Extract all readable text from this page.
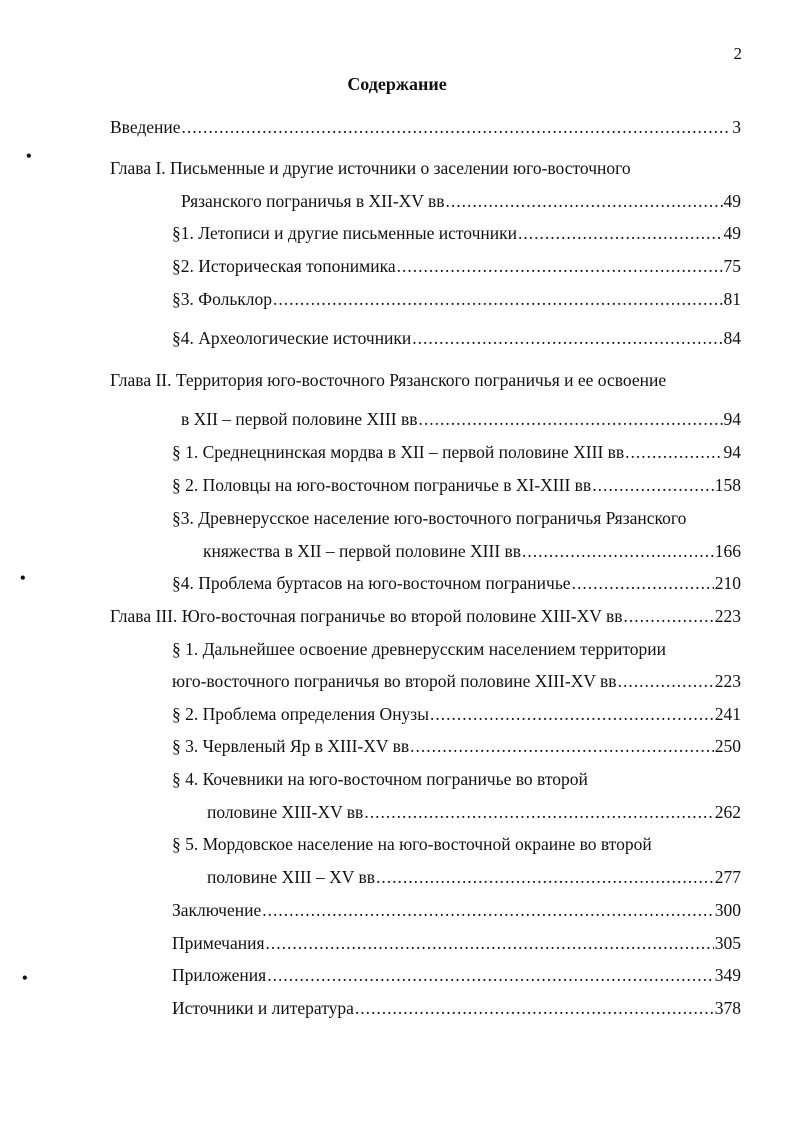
2
Содержание
•
•
•
Введение .....	3
Глава I. Письменные и другие источники о заселении юго-восточного
Рязанского пограничья в XII-XV вв .....	49
§1. Летописи и другие письменные источники .....	49
§2. Историческая топонимика .....	75
§3. Фольклор .....	81
§4. Археологические источники .....	84
Глава II. Территория юго-восточного Рязанского пограничья и ее освоение
в XII – первой половине XIII вв .....	94
§ 1. Среднецнинская мордва в XII – первой половине XIII вв .....	94
§ 2. Половцы на юго-восточном пограничье в XI-XIII вв .....	158
§3. Древнерусское население юго-восточного пограничья Рязанского
княжества в XII – первой половине XIII вв .....	166
§4. Проблема буртасов на юго-восточном пограничье .....	210
Глава III. Юго-восточная пограничье во второй половине XIII-XV вв .....	223
§ 1. Дальнейшее освоение древнерусским населением территории
юго-восточного пограничья во второй половине XIII-XV вв .....	223
§ 2. Проблема определения Онузы .....	241
§ 3. Червленый Яр в XIII-XV вв .....	250
§ 4. Кочевники на юго-восточном пограничье во второй
половине XIII-XV вв .....	262
§ 5. Мордовское население на юго-восточной окраине во второй
половине XIII – XV вв .....	277
Заключение .....	300
Примечания .....	305
Приложения .....	349
Источники и литература .....	378
